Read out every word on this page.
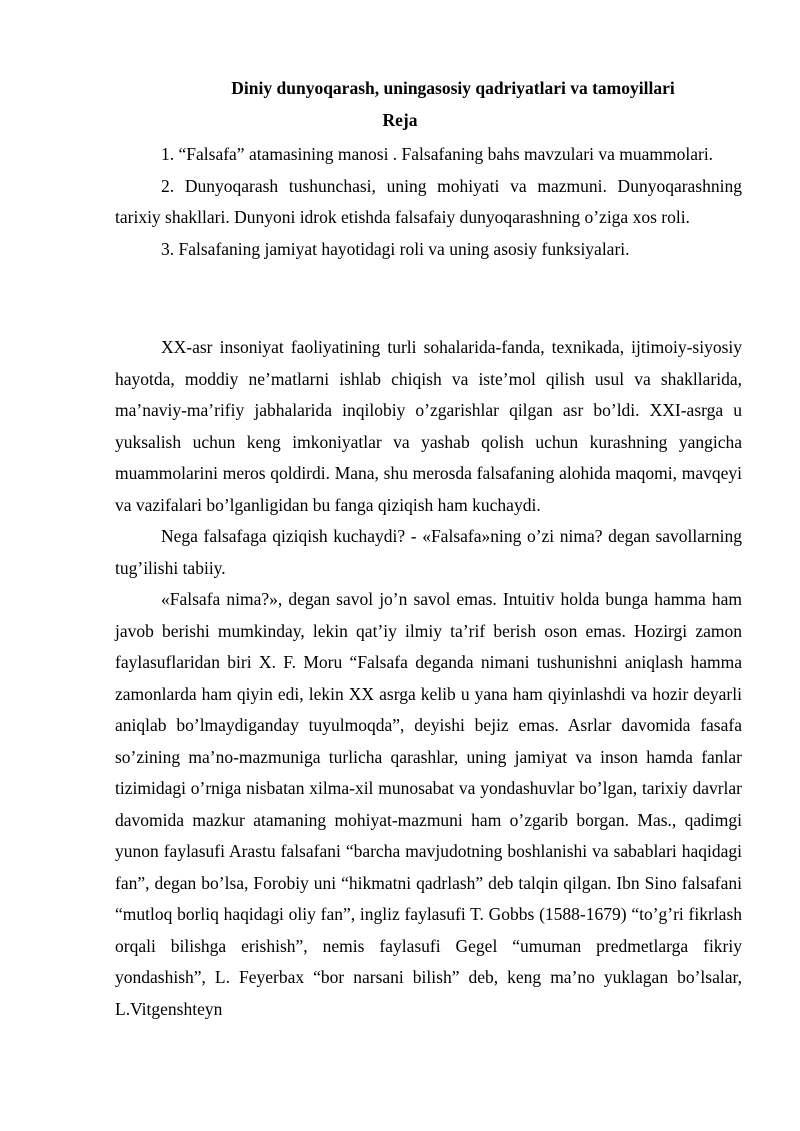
Diniy dunyoqarash, uningasosiy qadriyatlari va tamoyillari
Reja

1. “Falsafa” atamasining manosi . Falsafaning bahs mavzulari va muammolari.

2. Dunyoqarash tushunchasi, uning mohiyati va mazmuni. Dunyoqarashning tarixiy shakllari. Dunyoni idrok etishda falsafaiy dunyoqarashning o’ziga xos roli.

3. Falsafaning jamiyat hayotidagi roli va uning asosiy funksiyalari.

XX-asr insoniyat faoliyatining turli sohalarida-fanda, texnikada, ijtimoiy-siyosiy hayotda, moddiy ne’matlarni ishlab chiqish va iste’mol qilish usul va shakllarida, ma’naviy-ma’rifiy jabhalarida inqilobiy o’zgarishlar qilgan asr bo’ldi. XXI-asrga u yuksalish uchun keng imkoniyatlar va yashab qolish uchun kurashning yangicha muammolarini meros qoldirdi. Mana, shu merosda falsafaning alohida maqomi, mavqeyi va vazifalari bo’lganligidan bu fanga qiziqish ham kuchaydi.

Nega falsafaga qiziqish kuchaydi? - «Falsafa»ning o’zi nima? degan savollarning tug’ilishi tabiiy.

«Falsafa nima?», degan savol jo’n savol emas. Intuitiv holda bunga hamma ham javob berishi mumkinday, lekin qat’iy ilmiy ta’rif berish oson emas. Hozirgi zamon faylasuflaridan biri X. F. Moru “Falsafa deganda nimani tushunishni aniqlash hamma zamonlarda ham qiyin edi, lekin XX asrga kelib u yana ham qiyinlashdi va hozir deyarli aniqlab bo’lmaydiganday tuyulmoqda”, deyishi bejiz emas. Asrlar davomida fasafa so’zining ma’no-mazmuniga turlicha qarashlar, uning jamiyat va inson hamda fanlar tizimidagi o’rniga nisbatan xilma-xil munosabat va yondashuvlar bo’lgan, tarixiy davrlar davomida mazkur atamaning mohiyat-mazmuni ham o’zgarib borgan. Mas., qadimgi yunon faylasufi Arastu falsafani “barcha mavjudotning boshlanishi va sabablari haqidagi fan”, degan bo’lsa, Forobiy uni “hikmatni qadrlash” deb talqin qilgan. Ibn Sino falsafani “mutloq borliq haqidagi oliy fan”, ingliz faylasufi T. Gobbs (1588-1679) “to’g’ri fikrlash orqali bilishga erishish”, nemis faylasufi Gegel “umuman predmetlarga fikriy yondashish”, L. Feyerbax “bor narsani bilish” deb, keng ma’no yuklagan bo’lsalar, L.Vitgenshteyn
